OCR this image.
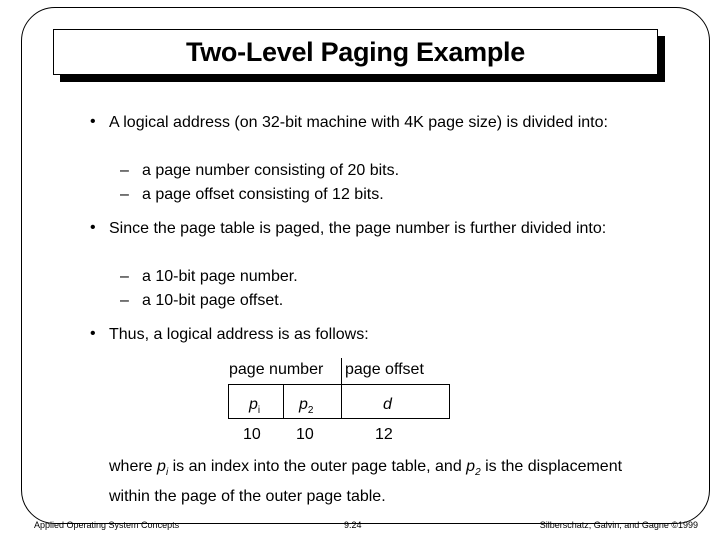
Two-Level Paging Example
• A logical address (on 32-bit machine with 4K page size) is divided into:
– a page number consisting of 20 bits.
– a page offset consisting of 12 bits.
• Since the page table is paged, the page number is further divided into:
– a 10-bit page number.
– a 10-bit page offset.
• Thus, a logical address is as follows:
page number page offset
$p_i$ $p_2$	d
10 10	12
where $p_i$ is an index into the outer page table, and $p_2$ is the displacement within the page of the outer page table.
Applied Operating System Concepts	9.24	Silberschatz, Galvin, and Gagne ©1999
